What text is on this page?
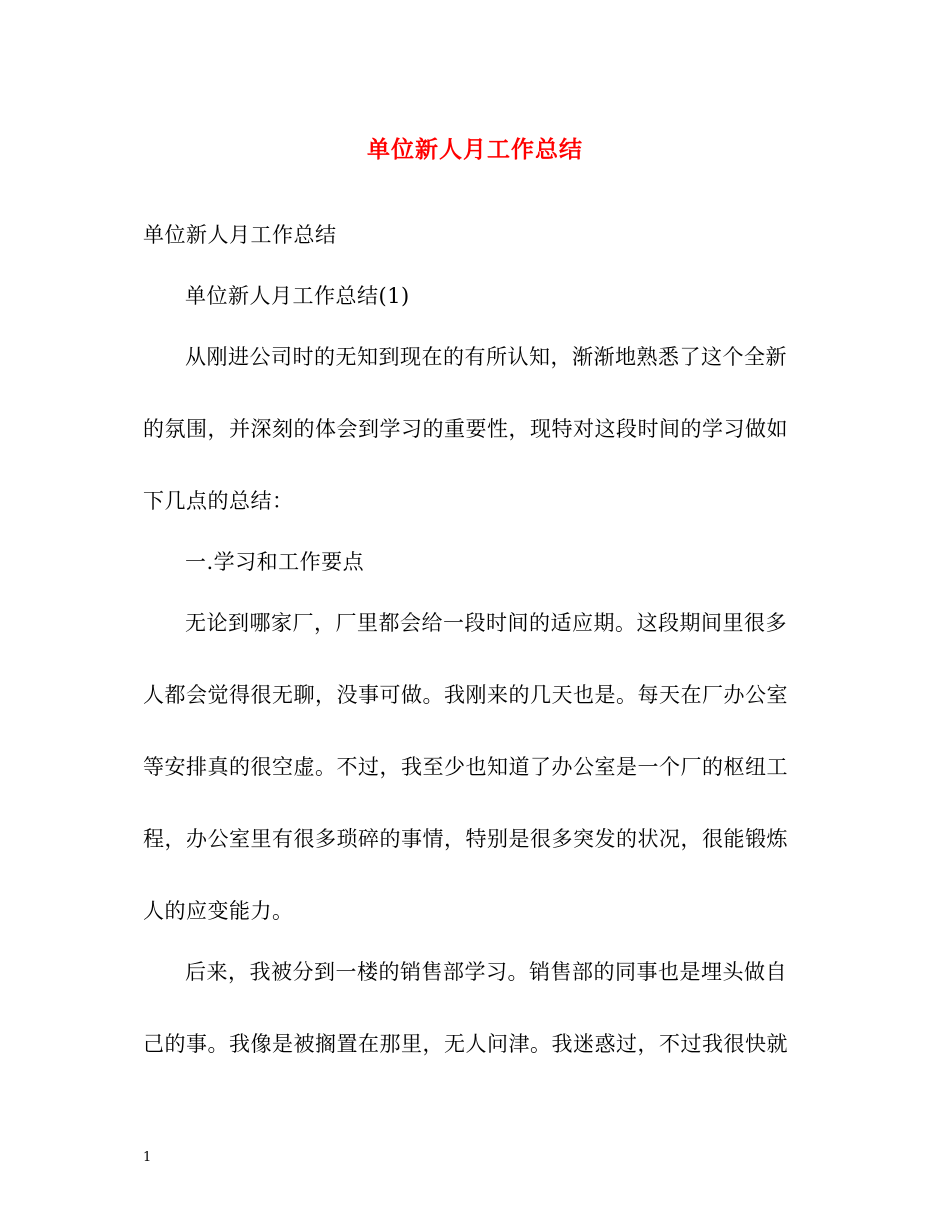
单位新人月工作总结
单位新人月工作总结
单位新人月工作总结(1)
从刚进公司时的无知到现在的有所认知，渐渐地熟悉了这个全新
的氛围，并深刻的体会到学习的重要性，现特对这段时间的学习做如
下几点的总结：
一.学习和工作要点
无论到哪家厂，厂里都会给一段时间的适应期。这段期间里很多
人都会觉得很无聊，没事可做。我刚来的几天也是。每天在厂办公室
等安排真的很空虚。不过，我至少也知道了办公室是一个厂的枢纽工
程，办公室里有很多琐碎的事情，特别是很多突发的状况，很能锻炼
人的应变能力。
后来，我被分到一楼的销售部学习。销售部的同事也是埋头做自
己的事。我像是被搁置在那里，无人问津。我迷惑过，不过我很快就
1
